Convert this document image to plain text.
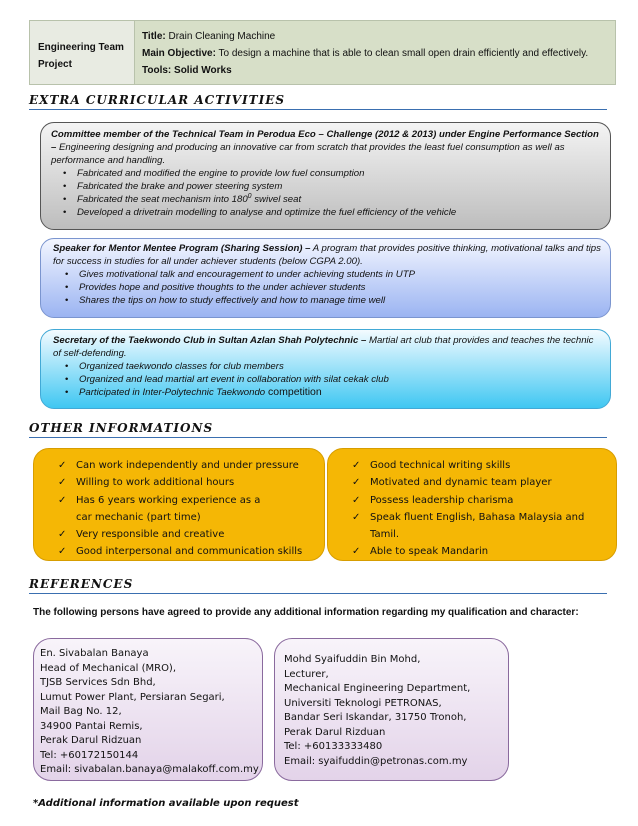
Engineering Team Project
Title: Drain Cleaning Machine
Main Objective: To design a machine that is able to clean small open drain efficiently and effectively.
Tools: Solid Works
EXTRA CURRICULAR ACTIVITIES
Committee member of the Technical Team in Perodua Eco – Challenge (2012 & 2013) under Engine Performance Section – Engineering designing and producing an innovative car from scratch that provides the least fuel consumption as well as performance and handling.
• Fabricated and modified the engine to provide low fuel consumption
• Fabricated the brake and power steering system
• Fabricated the seat mechanism into $180^0$ swivel seat
• Developed a drivetrain modelling to analyse and optimize the fuel efficiency of the vehicle
Speaker for Mentor Mentee Program (Sharing Session) – A program that provides positive thinking, motivational talks and tips for success in studies for all under achiever students (below CGPA 2.00).
• Gives motivational talk and encouragement to under achieving students in UTP
• Provides hope and positive thoughts to the under achiever students
• Shares the tips on how to study effectively and how to manage time well
Secretary of the Taekwondo Club in Sultan Azlan Shah Polytechnic – Martial art club that provides and teaches the technic of self-defending.
• Organized taekwondo classes for club members
• Organized and lead martial art event in collaboration with silat cekak club
• Participated in Inter-Polytechnic Taekwondo competition
OTHER INFORMATIONS
✓ Can work independently and under pressure
✓ Willing to work additional hours
✓ Has 6 years working experience as a car mechanic (part time)
✓ Very responsible and creative
✓ Good interpersonal and communication skills
✓ Good technical writing skills
✓ Motivated and dynamic team player
✓ Possess leadership charisma
✓ Speak fluent English, Bahasa Malaysia and Tamil.
✓ Able to speak Mandarin
REFERENCES
The following persons have agreed to provide any additional information regarding my qualification and character:
En. Sivabalan Banaya
Head of Mechanical (MRO),
TJSB Services Sdn Bhd,
Lumut Power Plant, Persiaran Segari,
Mail Bag No. 12,
34900 Pantai Remis,
Perak Darul Ridzuan
Tel: +60172150144
Email: sivabalan.banaya@malakoff.com.my
Mohd Syaifuddin Bin Mohd,
Lecturer,
Mechanical Engineering Department,
Universiti Teknologi PETRONAS,
Bandar Seri Iskandar, 31750 Tronoh,
Perak Darul Rizduan
Tel: +60133333480
Email: syaifuddin@petronas.com.my
*Additional information available upon request
